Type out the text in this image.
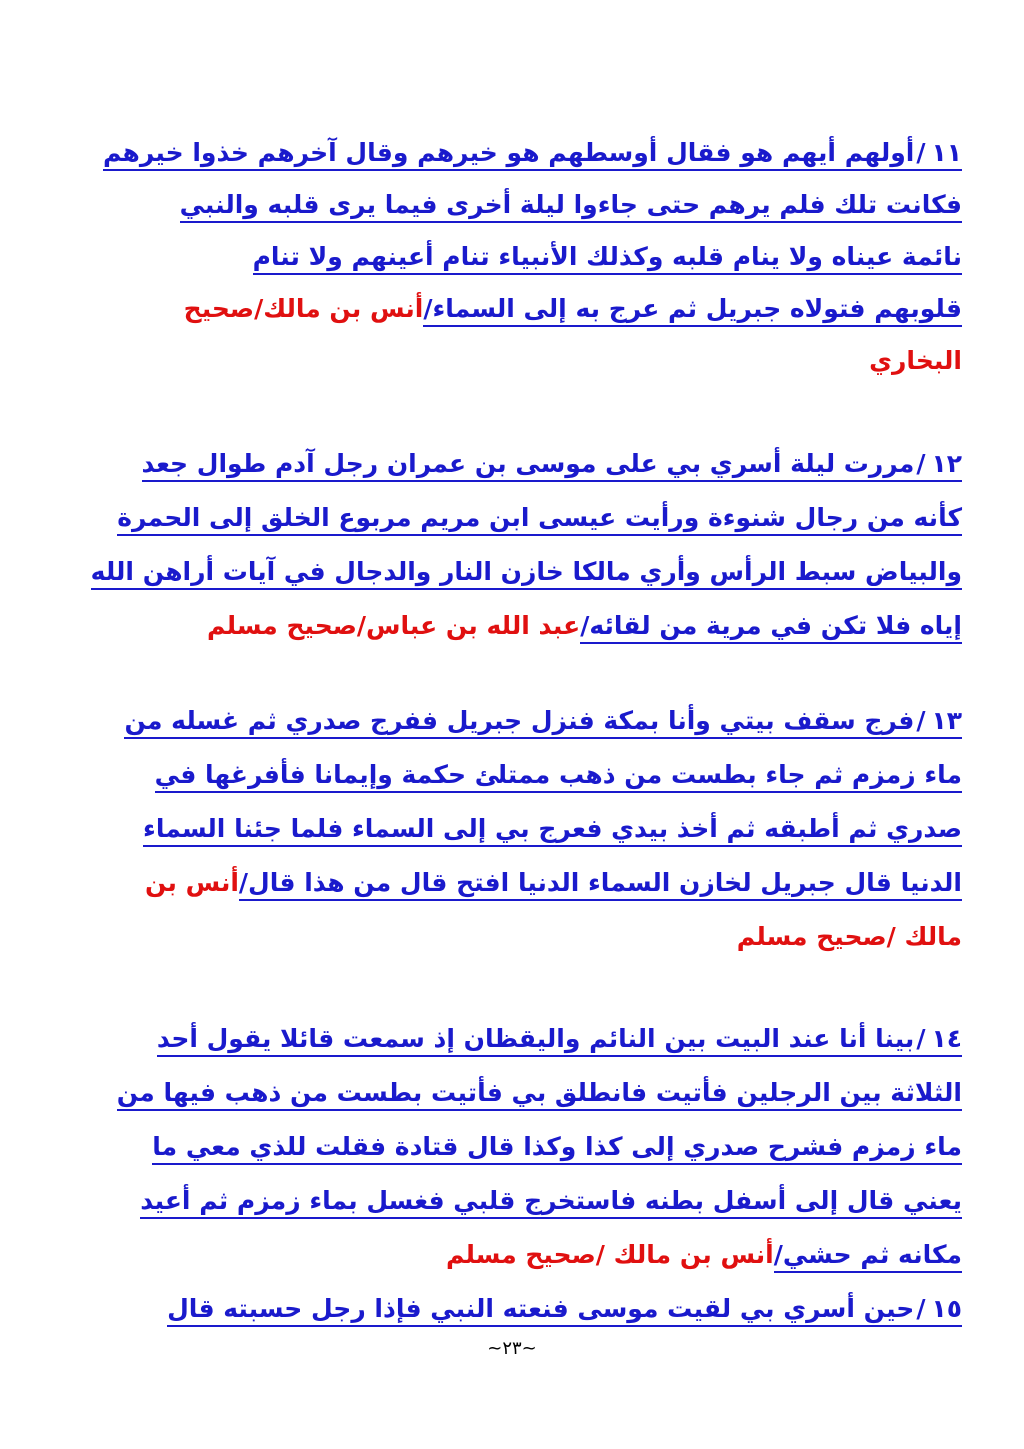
١١/أولهم أيهم هو فقال أوسطهم هو خيرهم وقال آخرهم خذوا خيرهم
فكانت تلك فلم يرهم حتى جاءوا ليلة أخرى فيما يرى قلبه والنبي
نائمة عيناه ولا ينام قلبه وكذلك الأنبياء تنام أعينهم ولا تنام
قلوبهم فتولاه جبريل ثم عرج به إلى السماء/أنس بن مالك/صحيح
البخاري
١٢/مررت ليلة أسري بي على موسى بن عمران رجل آدم طوال جعد
كأنه من رجال شنوءة ورأيت عيسى ابن مريم مربوع الخلق إلى الحمرة
والبياض سبط الرأس وأري مالكا خازن النار والدجال في آيات أراهن الله
إياه فلا تكن في مرية من لقائه/عبد الله بن عباس/صحيح مسلم
١٣/فرج سقف بيتي وأنا بمكة فنزل جبريل ففرج صدري ثم غسله من
ماء زمزم ثم جاء بطست من ذهب ممتلئ حكمة وإيمانا فأفرغها في
صدري ثم أطبقه ثم أخذ بيدي فعرج بي إلى السماء فلما جئنا السماء
الدنيا قال جبريل لخازن السماء الدنيا افتح قال من هذا قال/أنس بن
مالك /صحيح مسلم
١٤/بينا أنا عند البيت بين النائم واليقظان إذ سمعت قائلا يقول أحد
الثلاثة بين الرجلين فأتيت فانطلق بي فأتيت بطست من ذهب فيها من
ماء زمزم فشرح صدري إلى كذا وكذا قال قتادة فقلت للذي معي ما
يعني قال إلى أسفل بطنه فاستخرج قلبي فغسل بماء زمزم ثم أعيد
مكانه ثم حشي/أنس بن مالك /صحيح مسلم
١٥/حين أسري بي لقيت موسى فنعته النبي فإذا رجل حسبته قال
~٢٣~
